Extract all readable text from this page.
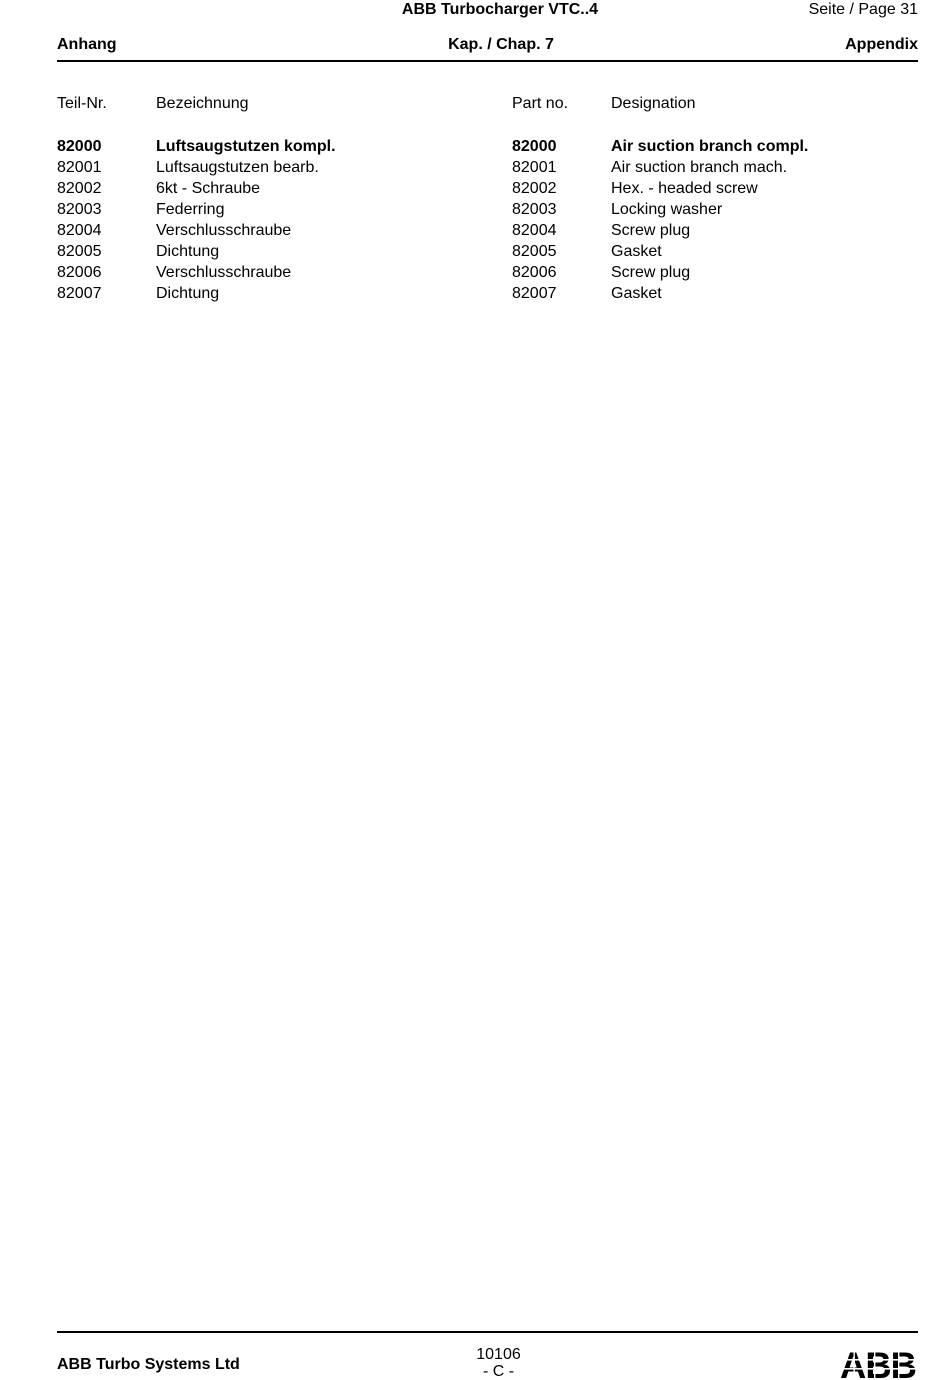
ABB Turbocharger VTC..4	Seite / Page 31
Anhang	Kap. / Chap. 7	Appendix
Teil-Nr.	Bezeichnung	Part no.	Designation
82000	Luftsaugstutzen kompl.	82000	Air suction branch compl.
82001	Luftsaugstutzen bearb.	82001	Air suction branch mach.
82002	6kt - Schraube	82002	Hex. - headed screw
82003	Federring	82003	Locking washer
82004	Verschlusschraube	82004	Screw plug
82005	Dichtung	82005	Gasket
82006	Verschlusschraube	82006	Screw plug
82007	Dichtung	82007	Gasket
ABB Turbo Systems Ltd
10106
- C -
